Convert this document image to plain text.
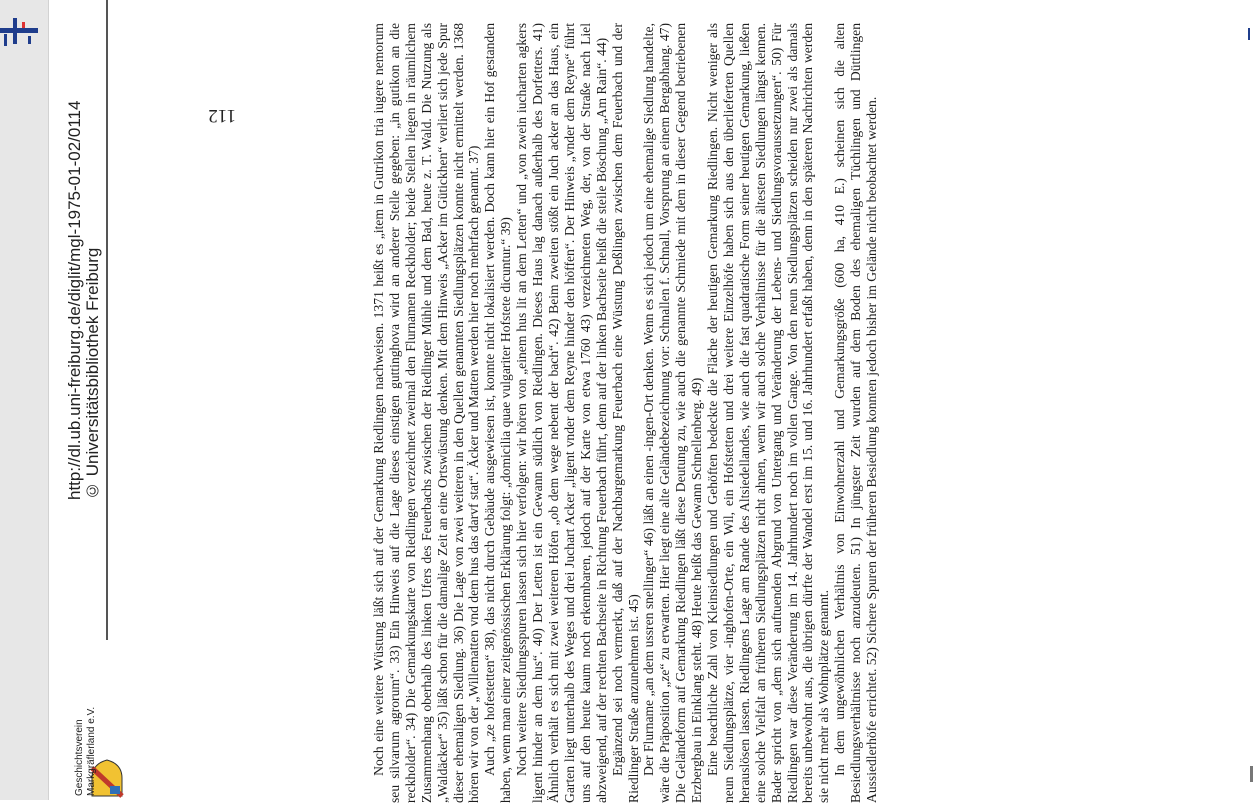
http://dl.ub.uni-freiburg.de/diglit/mgl-1975-01-02/0114 © Universitätsbibliothek Freiburg
Geschichtsverein
Markgräflerland e.V.
112	Noch eine weitere Wüstung läßt sich auf der Gemarkung Riedlingen nachweisen. 1371 heißt es „item in Gutrikon tria iugere nemorum seu silvarum agrorum“. 33) Ein Hinweis auf die Lage dieses einstigen guttinghova wird an anderer Stelle gegeben: „in gutikon an die reckholder“. 34) Die Gemarkungskarte von Riedlingen verzeichnet zweimal den Flurnamen Reckholder; beide Stellen liegen in räumlichem Zusammenhang oberhalb des linken Ufers des Feuerbachs zwischen der Riedlinger Mühle und dem Bad, heute z. T. Wald. Die Nutzung als „Waldäcker“ 35) läßt schon für die damalige Zeit an eine Ortswüstung denken. Mit dem Hinweis „Acker im Gütickhen“ verliert sich jede Spur dieser ehemaligen Siedlung. 36) Die Lage von zwei weiteren in den Quellen genannten Siedlungsplätzen konnte nicht ermittelt werden. 1368 hören wir von der „Willematten vnd dem hus das darvf stat“. Äcker und Matten werden hier noch mehrfach genannt. 37) Auch „ze hofestetten“ 38), das nicht durch Gebäude ausgewiesen ist, konnte nicht lokalisiert werden. Doch kann hier ein Hof gestanden haben, wenn man einer zeitgenössischen Erklärung folgt: „domicilia quae vulgariter Hofstete dicuntur.“ 39) Noch weitere Siedlungsspuren lassen sich hier verfolgen: wir hören von „einem hus lit an dem Letten“ und „von zwein iucharten agkers ligent hinder an dem hus“. 40) Der Letten ist ein Gewann südlich von Riedlingen. Dieses Haus lag danach außerhalb des Dorfetters. 41) Ähnlich verhält es sich mit zwei weiteren Höfen „ob dem wege nebent der bach“. 42) Beim zweiten stößt ein Juch acker an das Haus, ein Garten liegt unterhalb des Weges und drei Juchart Acker „ligent vnder dem Reyne hinder den höffen“. Der Hinweis „vnder dem Reyne“ führt uns auf den heute kaum noch erkennbaren, jedoch auf der Karte von etwa 1760 43) verzeichneten Weg, der, von der Straße nach Liel abzweigend, auf der rechten Bachseite in Richtung Feuerbach führt, denn auf der linken Bachseite heißt die steile Böschung „Am Rain“. 44) Ergänzend sei noch vermerkt, daß auf der Nachbargemarkung Feuerbach eine Wüstung Deßlingen zwischen dem Feuerbach und der Riedlinger Straße anzunehmen ist. 45) Der Flurname „an dem ussren snellinger“ 46) läßt an einen -ingen-Ort denken. Wenn es sich jedoch um eine ehemalige Siedlung handelte, wäre die Präposition „ze“ zu erwarten. Hier liegt eine alte Geländebezeichnung vor: Schnallen f. Schnall, Vorsprung an einem Bergabhang. 47) Die Geländeform auf Gemarkung Riedlingen läßt diese Deutung zu, wie auch die genannte Schmiede mit dem in dieser Gegend betriebenen Erzbergbau in Einklang steht. 48) Heute heißt das Gewann Schnellenberg. 49) Eine beachtliche Zahl von Kleinsiedlungen und Gehöften bedeckte die Fläche der heutigen Gemarkung Riedlingen. Nicht weniger als neun Siedlungsplätze, vier -inghofen-Orte, ein Wil, ein Hofstetten und drei weitere Einzelhöfe haben sich aus den überlieferten Quellen herauslösen lassen. Riedlingens Lage am Rande des Altsiedellandes, wie auch die fast quadratische Form seiner heutigen Gemarkung, ließen eine solche Vielfalt an früheren Siedlungsplätzen nicht ahnen, wenn wir auch solche Verhältnisse für die ältesten Siedlungen längst kennen. Bader spricht von „dem sich auftuenden Abgrund von Untergang und Veränderung der Lebens- und Siedlungsvoraussetzungen“. 50) Für Riedlingen war diese Veränderung im 14. Jahrhundert noch im vollen Gange. Von den neun Siedlungsplätzen scheiden nur zwei als damals bereits unbewohnt aus, die übrigen dürfte der Wandel erst im 15. und 16. Jahrhundert erfaßt haben, denn in den späteren Nachrichten werden sie nicht mehr als Wohnplätze genannt. In dem ungewöhnlichen Verhältnis von Einwohnerzahl und Gemarkungsgröße (600 ha, 410 E.) scheinen sich die alten Besiedlungsverhältnisse noch anzudeuten. 51) In jüngster Zeit wurden auf dem Boden des ehemaligen Tüchlingen und Düttlingen Aussiedlerhöfe errichtet. 52) Sichere Spuren der früheren Besiedlung konnten jedoch bisher im Gelände nicht beobachtet werden.
